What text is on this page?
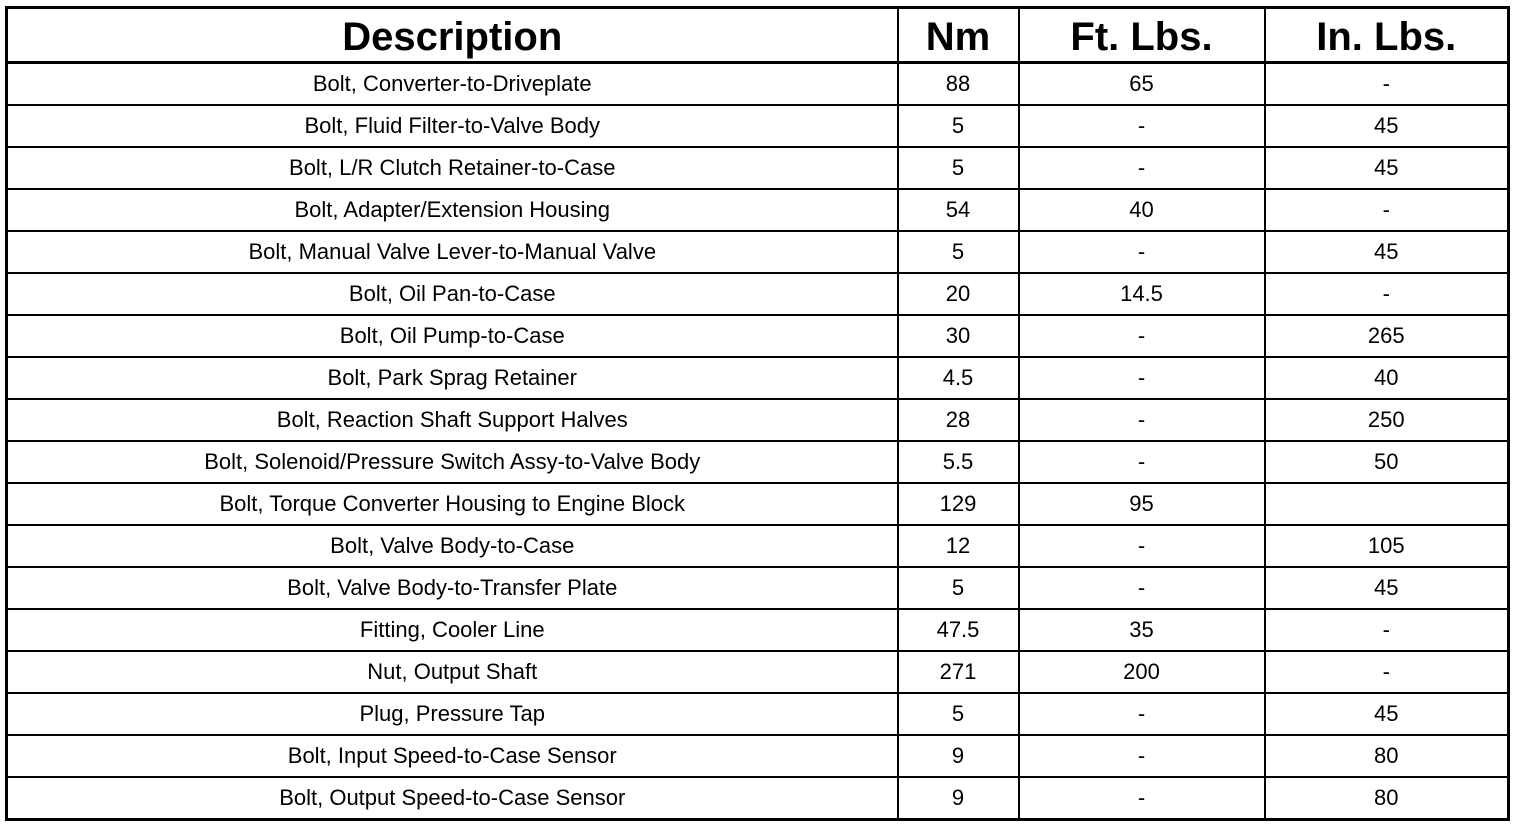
Description	Nm	Ft. Lbs.	In. Lbs.
Bolt, Converter-to-Driveplate	88	65	-
Bolt, Fluid Filter-to-Valve Body	5	-	45
Bolt, L/R Clutch Retainer-to-Case	5	-	45
Bolt, Adapter/Extension Housing	54	40	-
Bolt, Manual Valve Lever-to-Manual Valve	5	-	45
Bolt, Oil Pan-to-Case	20	14.5	-
Bolt, Oil Pump-to-Case	30	-	265
Bolt, Park Sprag Retainer	4.5	-	40
Bolt, Reaction Shaft Support Halves	28	-	250
Bolt, Solenoid/Pressure Switch Assy-to-Valve Body	5.5	-	50
Bolt, Torque Converter Housing to Engine Block	129	95	
Bolt, Valve Body-to-Case	12	-	105
Bolt, Valve Body-to-Transfer Plate	5	-	45
Fitting, Cooler Line	47.5	35	-
Nut, Output Shaft	271	200	-
Plug, Pressure Tap	5	-	45
Bolt, Input Speed-to-Case Sensor	9	-	80
Bolt, Output Speed-to-Case Sensor	9	-	80
